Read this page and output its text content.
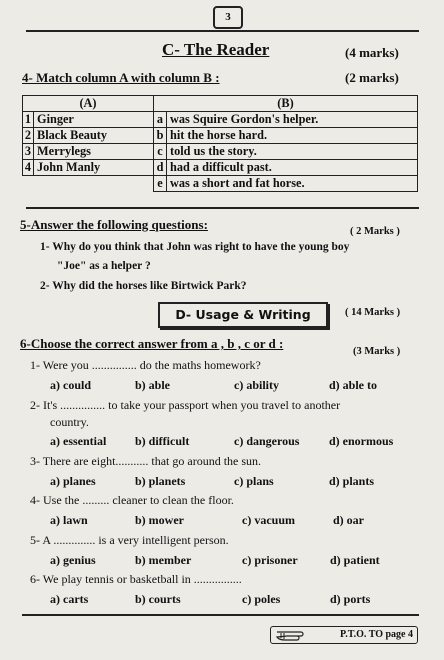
3
C- The Reader	(4 marks)
4- Match column A with column B :	(2 marks)
(A)		(B)	
1	Ginger	a	was Squire Gordon's helper.
2	Black Beauty	b	hit the horse hard.
3	Merrylegs	c	told us the story.
4	John Manly	d	had a difficult past.
		e	was a short and fat horse.
5-Answer the following questions:	( 2 Marks )
1- Why do you think that John was right to have the young boy
"Joe" as a helper ?
2- Why did the horses like Birtwick Park?
D- Usage & Writing	( 14 Marks )
6-Choose the correct answer from a , b , c or d :
(3 Marks )
1- Were you ............... do the maths homework?
a) could	b) able	c) ability	d) able to
2- It's ............... to take your passport when you travel to another
country.
a) essential b) difficult	c) dangerous d) enormous
3- There are eight........... that go around the sun.
a) planes	b) planets	c) plans	d) plants
4- Use the ......... cleaner to clean the floor.
a) lawn	b) mower	c) vacuum	d) oar
5- A .............. is a very intelligent person.
a) genius	b) member	c) prisoner	d) patient
6- We play tennis or basketball in ................
a) carts	b) courts	c) poles	d) ports
P.T.O. TO page 4
